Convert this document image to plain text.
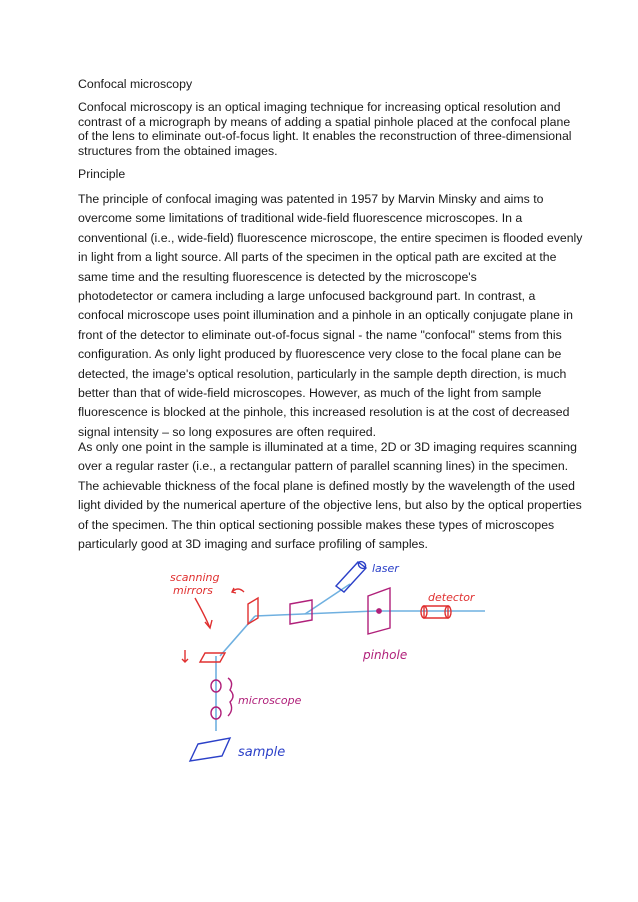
Confocal microscopy
Confocal microscopy is an optical imaging technique for increasing optical resolution and
contrast of a micrograph by means of adding a spatial pinhole placed at the confocal plane
of the lens to eliminate out-of-focus light. It enables the reconstruction of three-dimensional
structures from the obtained images.
Principle
The principle of confocal imaging was patented in 1957 by Marvin Minsky and aims to
overcome some limitations of traditional wide-field fluorescence microscopes. In a
conventional (i.e., wide-field) fluorescence microscope, the entire specimen is flooded evenly
in light from a light source. All parts of the specimen in the optical path are excited at the
same time and the resulting fluorescence is detected by the microscope's
photodetector or camera including a large unfocused background part. In contrast, a
confocal microscope uses point illumination and a pinhole in an optically conjugate plane in
front of the detector to eliminate out-of-focus signal - the name "confocal" stems from this
configuration. As only light produced by fluorescence very close to the focal plane can be
detected, the image's optical resolution, particularly in the sample depth direction, is much
better than that of wide-field microscopes. However, as much of the light from sample
fluorescence is blocked at the pinhole, this increased resolution is at the cost of decreased
signal intensity – so long exposures are often required.
As only one point in the sample is illuminated at a time, 2D or 3D imaging requires scanning
over a regular raster (i.e., a rectangular pattern of parallel scanning lines) in the specimen.
The achievable thickness of the focal plane is defined mostly by the wavelength of the used
light divided by the numerical aperture of the objective lens, but also by the optical properties
of the specimen. The thin optical sectioning possible makes these types of microscopes
particularly good at 3D imaging and surface profiling of samples.
scanning
mirrors
laser
pinhole
detector
microscope
sample
